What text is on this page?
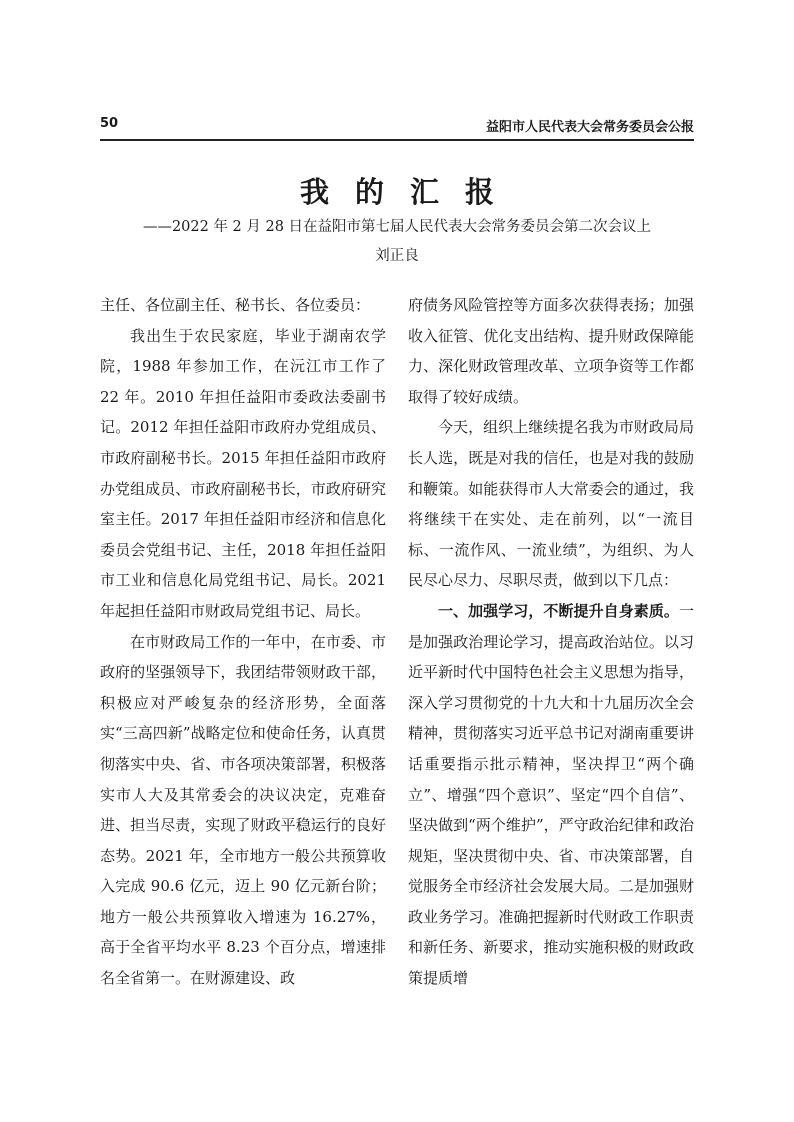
50	益阳市人民代表大会常务委员会公报
我的汇报
——2022 年 2 月 28 日在益阳市第七届人民代表大会常务委员会第二次会议上
刘正良

主任、各位副主任、秘书长、各位委员：

我出生于农民家庭，毕业于湖南农学院，1988 年参加工作，在沅江市工作了 22 年。2010 年担任益阳市委政法委副书记。2012 年担任益阳市政府办党组成员、市政府副秘书长。2015 年担任益阳市政府办党组成员、市政府副秘书长，市政府研究室主任。2017 年担任益阳市经济和信息化委员会党组书记、主任，2018 年担任益阳市工业和信息化局党组书记、局长。2021 年起担任益阳市财政局党组书记、局长。

在市财政局工作的一年中，在市委、市政府的坚强领导下，我团结带领财政干部，积极应对严峻复杂的经济形势，全面落实“三高四新”战略定位和使命任务，认真贯彻落实中央、省、市各项决策部署，积极落实市人大及其常委会的决议决定，克难奋进、担当尽责，实现了财政平稳运行的良好态势。2021 年，全市地方一般公共预算收入完成 90.6 亿元，迈上 90 亿元新台阶；地方一般公共预算收入增速为 16.27%，高于全省平均水平 8.23 个百分点，增速排名全省第一。在财源建设、政

府债务风险管控等方面多次获得表扬；加强收入征管、优化支出结构、提升财政保障能力、深化财政管理改革、立项争资等工作都取得了较好成绩。

今天，组织上继续提名我为市财政局局长人选，既是对我的信任，也是对我的鼓励和鞭策。如能获得市人大常委会的通过，我将继续干在实处、走在前列，以“一流目标、一流作风、一流业绩”，为组织、为人民尽心尽力、尽职尽责，做到以下几点：

一、加强学习，不断提升自身素质。一是加强政治理论学习，提高政治站位。以习近平新时代中国特色社会主义思想为指导，深入学习贯彻党的十九大和十九届历次全会精神，贯彻落实习近平总书记对湖南重要讲话重要指示批示精神，坚决捍卫“两个确立”、增强“四个意识”、坚定“四个自信”、坚决做到“两个维护”，严守政治纪律和政治规矩，坚决贯彻中央、省、市决策部署，自觉服务全市经济社会发展大局。二是加强财政业务学习。准确把握新时代财政工作职责和新任务、新要求，推动实施积极的财政政策提质增
